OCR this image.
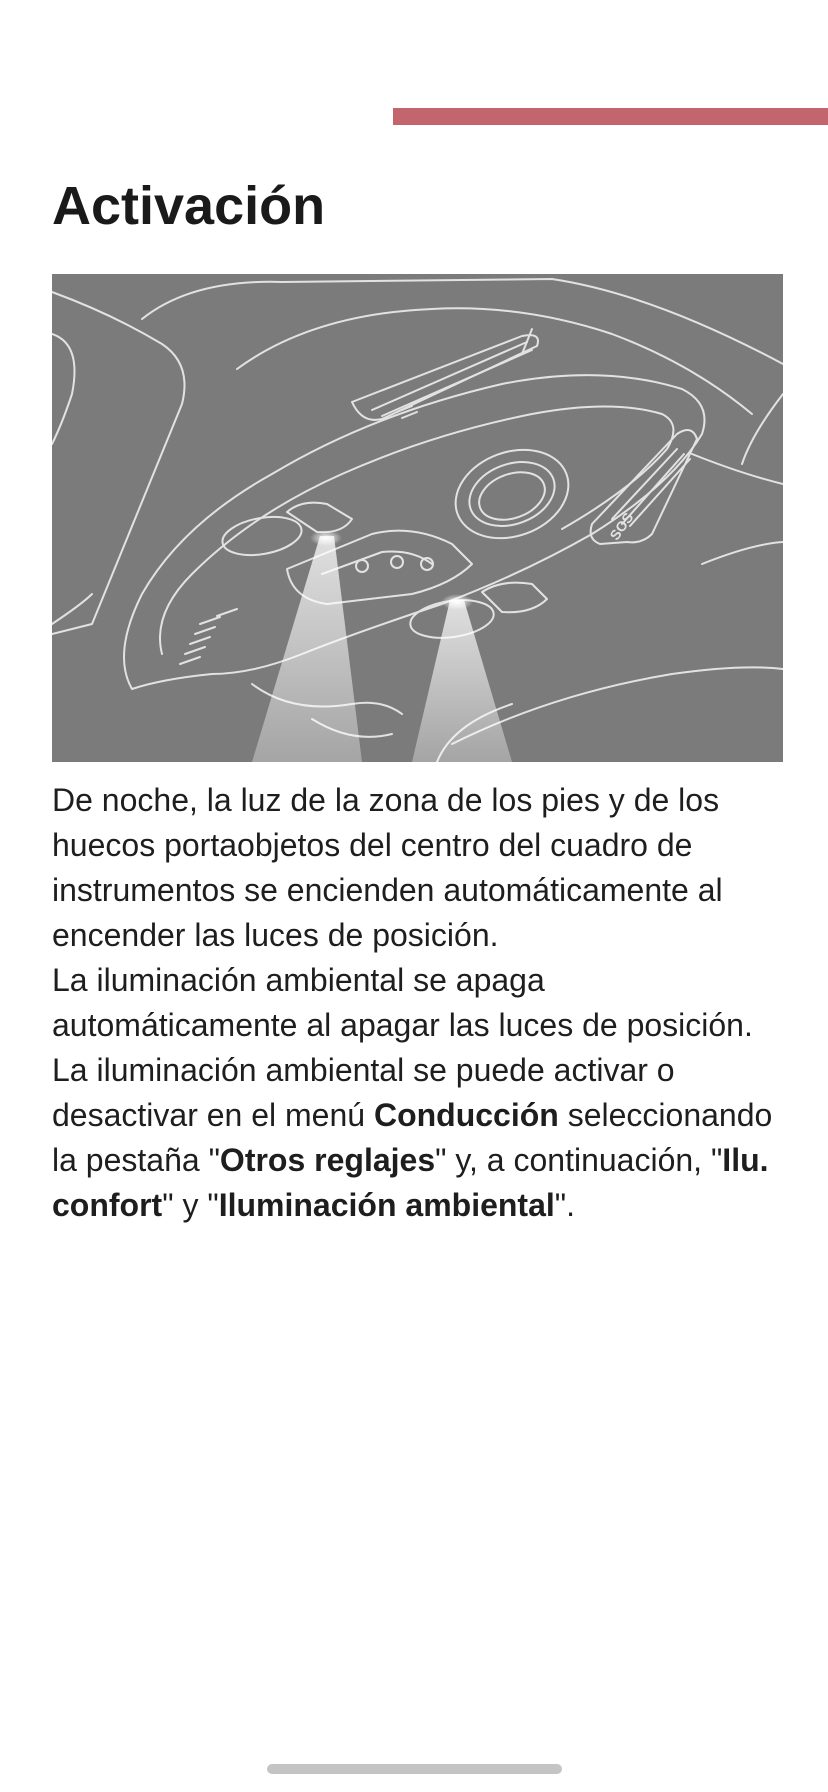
Activación
SOS

De noche, la luz de la zona de los pies y de los huecos portaobjetos del centro del cuadro de instrumentos se encienden automáticamente al encender las luces de posición.

La iluminación ambiental se apaga automáticamente al apagar las luces de posición.

La iluminación ambiental se puede activar o desactivar en el menú Conducción seleccionando la pestaña "Otros reglajes" y, a continuación, "Ilu. confort" y "Iluminación ambiental".
